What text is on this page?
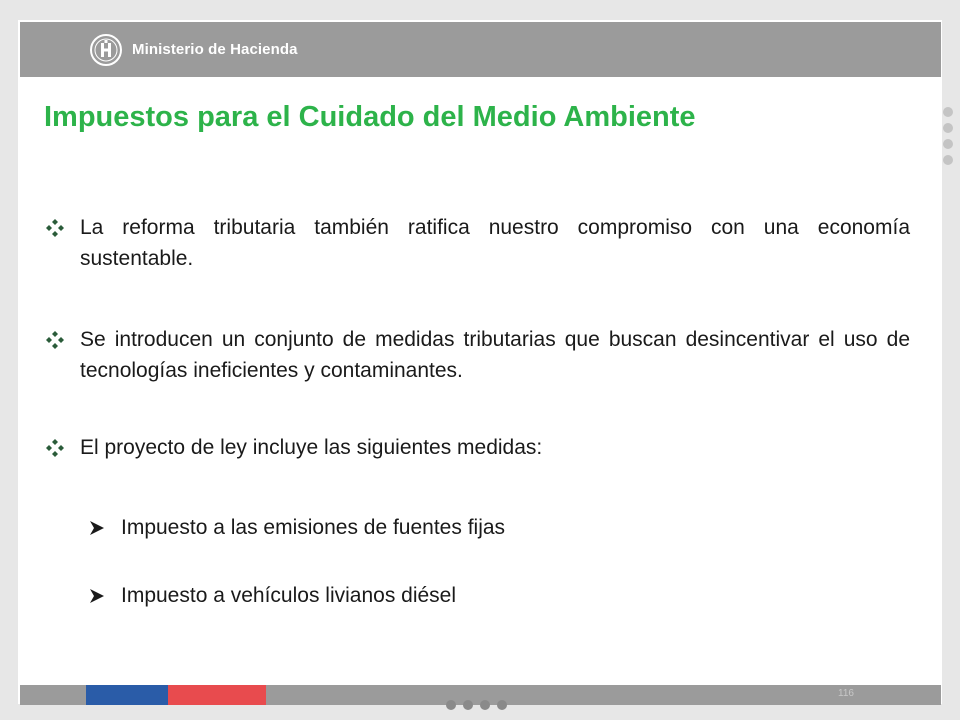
Ministerio de Hacienda
Impuestos para el Cuidado del Medio Ambiente
La reforma tributaria también ratifica nuestro compromiso con una economía sustentable.
Se introducen un conjunto de medidas tributarias que buscan desincentivar el uso de tecnologías ineficientes y contaminantes.
El proyecto de ley incluye las siguientes medidas:
Impuesto a las emisiones de fuentes fijas
Impuesto a vehículos livianos diésel
116
